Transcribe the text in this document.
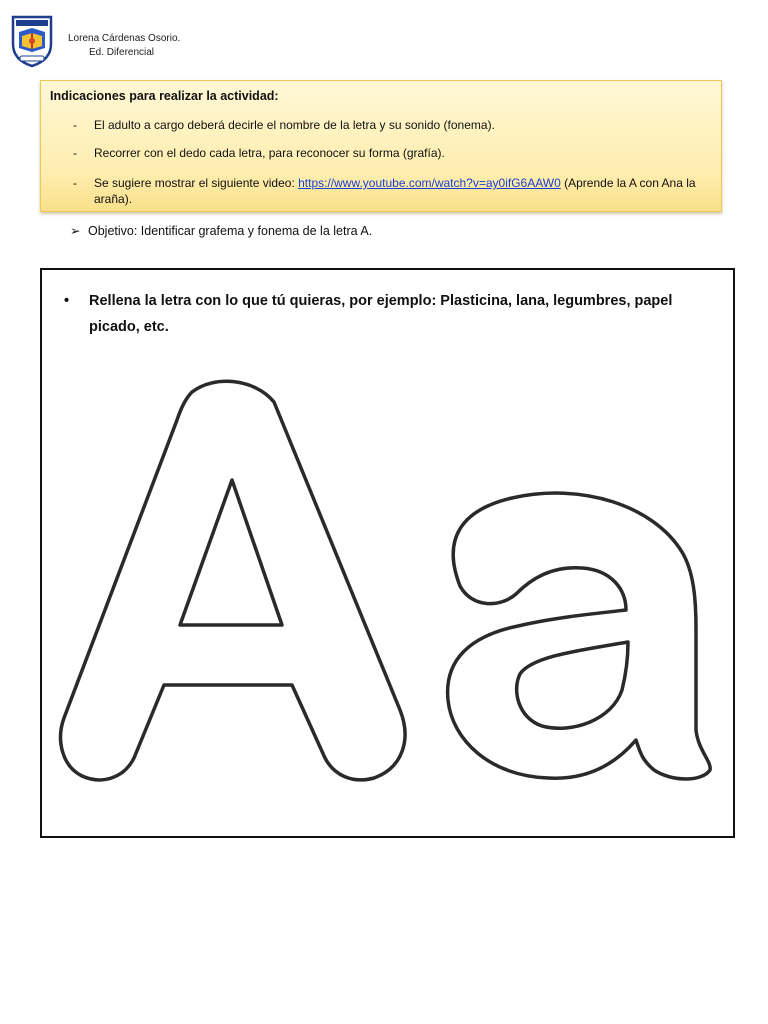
Lorena Cárdenas Osorio.
Ed. Diferencial
Indicaciones para realizar la actividad:
- El adulto a cargo deberá decirle el nombre de la letra y su sonido (fonema).
- Recorrer con el dedo cada letra, para reconocer su forma (grafía).
- Se sugiere mostrar el siguiente video: https://www.youtube.com/watch?v=ay0ifG6AAW0 (Aprende la A con Ana la araña).
➢ Objetivo: Identificar grafema y fonema de la letra A.
• Rellena la letra con lo que tú quieras, por ejemplo: Plasticina, lana, legumbres, papel picado, etc.
